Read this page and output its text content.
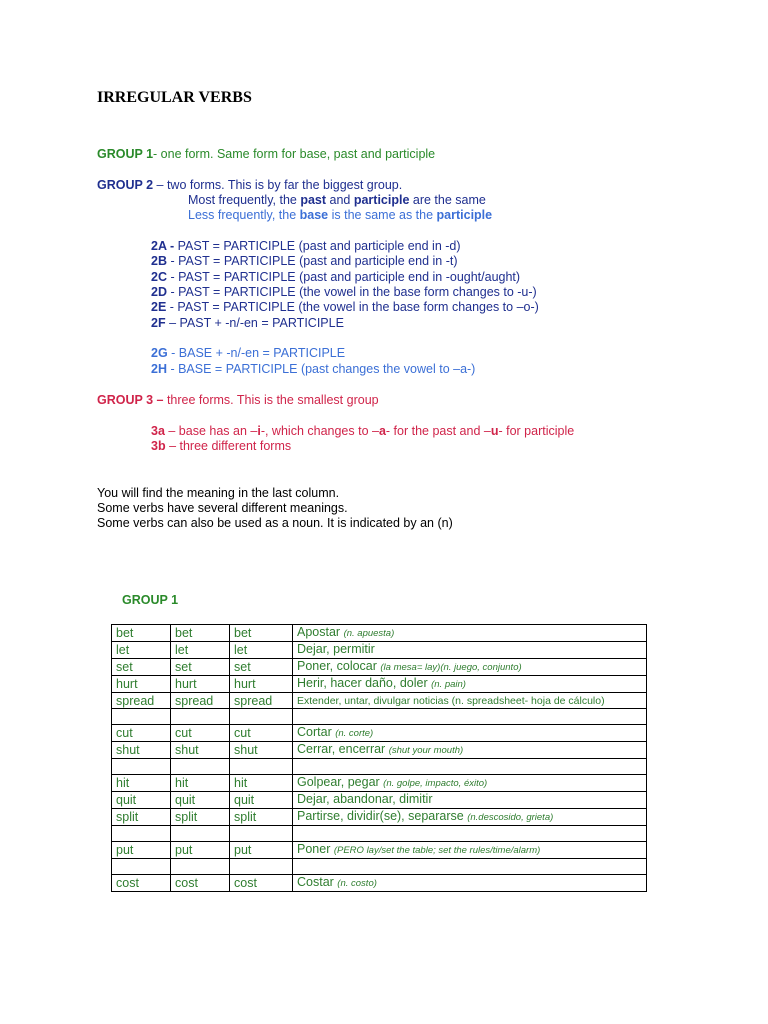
IRREGULAR VERBS
GROUP 1- one form. Same form for base, past and participle
GROUP 2 – two forms. This is by far the biggest group.
Most frequently, the past and participle are the same
Less frequently, the base is the same as the participle
2A - PAST = PARTICIPLE (past and participle end in -d)
2B - PAST = PARTICIPLE (past and participle end in -t)
2C - PAST = PARTICIPLE (past and participle end in -ought/aught)
2D - PAST = PARTICIPLE (the vowel in the base form changes to -u-)
2E - PAST = PARTICIPLE (the vowel in the base form changes to –o-)
2F – PAST + -n/-en = PARTICIPLE
2G - BASE + -n/-en = PARTICIPLE
2H - BASE = PARTICIPLE (past changes the vowel to –a-)
GROUP 3 – three forms. This is the smallest group
3a – base has an –i-, which changes to –a- for the past and –u- for participle
3b – three different forms
You will find the meaning in the last column.
Some verbs have several different meanings.
Some verbs can also be used as a noun. It is indicated by an (n)
GROUP 1
bet	bet	bet	Apostar (n. apuesta)
let	let	let	Dejar, permitir
set	set	set	Poner, colocar (la mesa= lay)(n. juego, conjunto)
hurt	hurt	hurt	Herir, hacer daño, doler (n. pain)
spread	spread	spread	Extender, untar, divulgar noticias (n. spreadsheet- hoja de cálculo)

cut	cut	cut	Cortar (n. corte)
shut	shut	shut	Cerrar, encerrar (shut your mouth)

hit	hit	hit	Golpear, pegar (n. golpe, impacto, éxito)
quit	quit	quit	Dejar, abandonar, dimitir
split	split	split	Partirse, dividir(se), separarse (n.descosido, grieta)

put	put	put	Poner (PERO lay/set the table; set the rules/time/alarm)

cost	cost	cost	Costar (n. costo)
